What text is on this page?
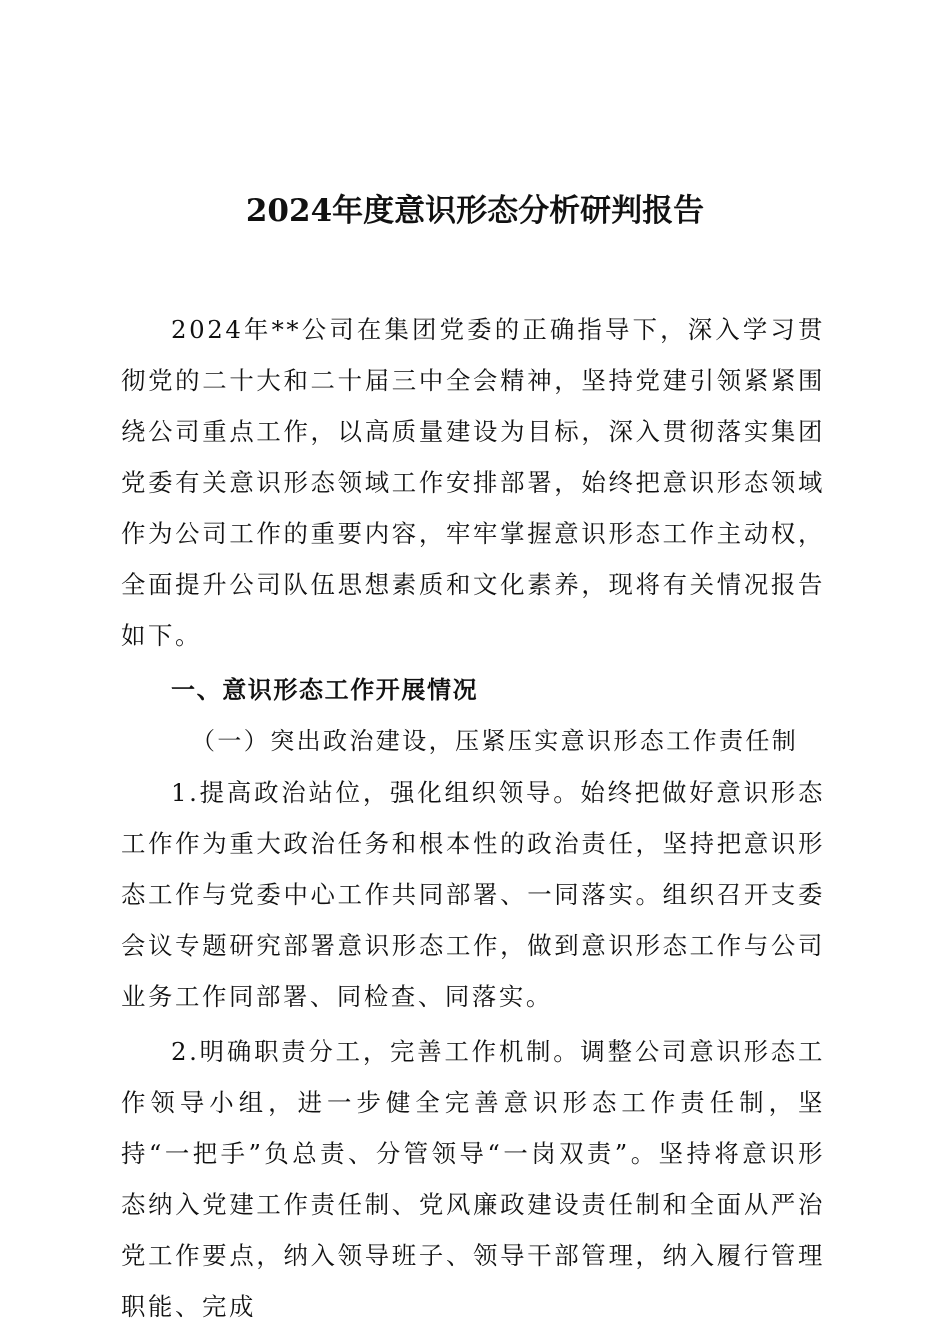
2024年度意识形态分析研判报告

2024年**公司在集团党委的正确指导下，深入学习贯彻党的二十大和二十届三中全会精神，坚持党建引领紧紧围绕公司重点工作，以高质量建设为目标，深入贯彻落实集团党委有关意识形态领域工作安排部署，始终把意识形态领域作为公司工作的重要内容，牢牢掌握意识形态工作主动权，全面提升公司队伍思想素质和文化素养，现将有关情况报告如下。

一、意识形态工作开展情况

（一）突出政治建设，压紧压实意识形态工作责任制

1.提高政治站位，强化组织领导。始终把做好意识形态工作作为重大政治任务和根本性的政治责任，坚持把意识形态工作与党委中心工作共同部署、一同落实。组织召开支委会议专题研究部署意识形态工作，做到意识形态工作与公司业务工作同部署、同检查、同落实。

2.明确职责分工，完善工作机制。调整公司意识形态工作领导小组，进一步健全完善意识形态工作责任制，坚持“一把手”负总责、分管领导“一岗双责”。坚持将意识形态纳入党建工作责任制、党风廉政建设责任制和全面从严治党工作要点，纳入领导班子、领导干部管理，纳入履行管理职能、完成
